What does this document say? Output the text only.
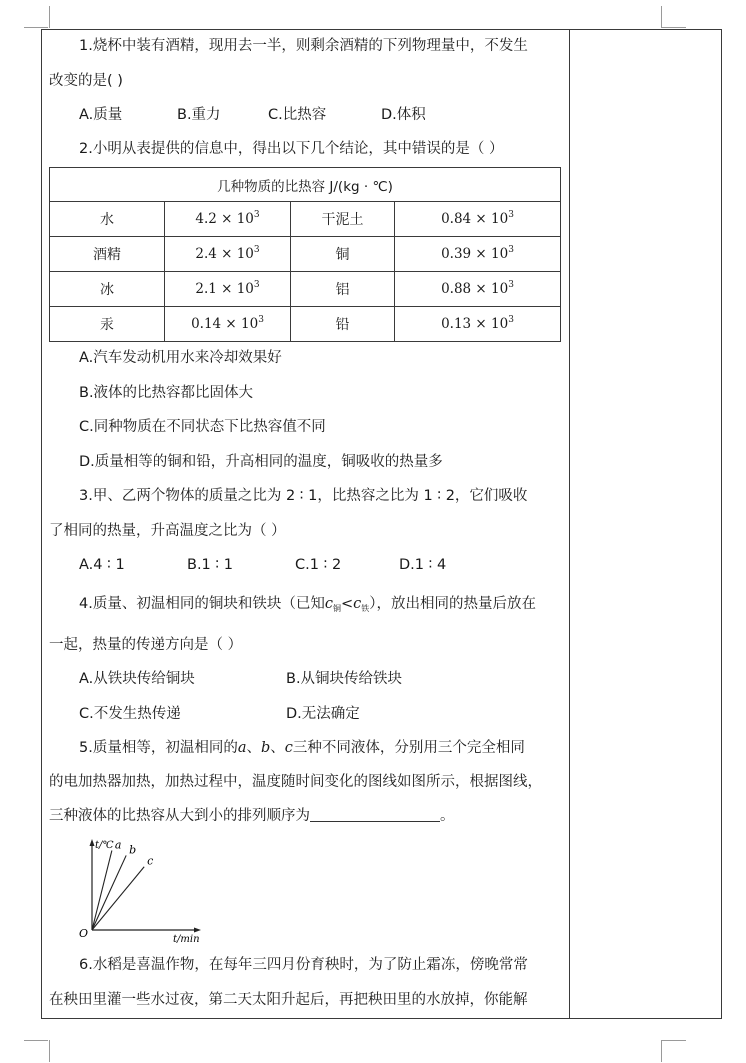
1.烧杯中装有酒精，现用去一半，则剩余酒精的下列物理量中，不发生
改变的是( )
A.质量	B.重力	C.比热容	D.体积
2.小明从表提供的信息中，得出以下几个结论，其中错误的是（ ）
几种物质的比热容 J/(kg · ℃)			
水	$4.2 \times 10^3$	干泥土	$0.84 \times 10^3$
酒精	$2.4 \times 10^3$	铜	$0.39 \times 10^3$
冰	$2.1 \times 10^3$	铝	$0.88 \times 10^3$
汞	$0.14 \times 10^3$	铅	$0.13 \times 10^3$
A.汽车发动机用水来冷却效果好
B.液体的比热容都比固体大
C.同种物质在不同状态下比热容值不同
D.质量相等的铜和铅，升高相同的温度，铜吸收的热量多
3.甲、乙两个物体的质量之比为 2 ∶ 1，比热容之比为 1 ∶ 2，它们吸收
了相同的热量，升高温度之比为（ ）
A.4 ∶ 1	B.1 ∶ 1	C.1 ∶ 2	D.1 ∶ 4
4.质量、初温相同的铜块和铁块（已知$c_铜<c_铁$），放出相同的热量后放在
一起，热量的传递方向是（ ）
A.从铁块传给铜块	B.从铜块传给铁块
C.不发生热传递	D.无法确定
5.质量相等，初温相同的a、b、c三种不同液体，分别用三个完全相同
的电加热器加热，加热过程中，温度随时间变化的图线如图所示，根据图线，
三种液体的比热容从大到小的排列顺序为	。
t/℃
t/min
O
a b
c
6.水稻是喜温作物，在每年三四月份育秧时，为了防止霜冻，傍晚常常
在秧田里灌一些水过夜，第二天太阳升起后，再把秧田里的水放掉，你能解
